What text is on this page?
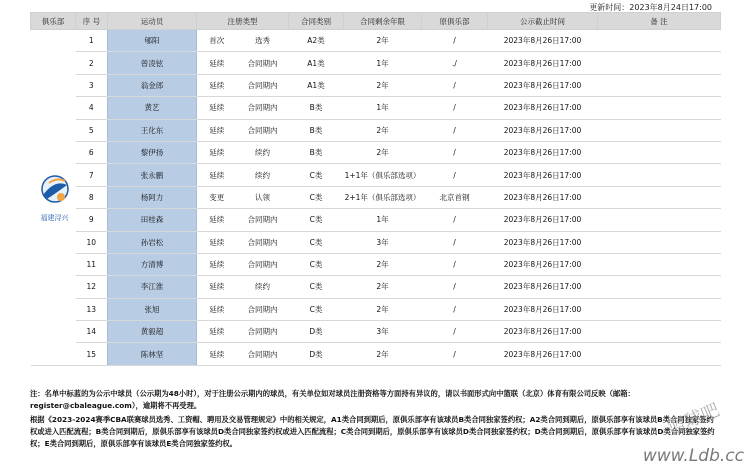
更新时间：2023年8月24日17:00
俱乐部	序 号	运动员	注册类型		合同类别	合同剩余年限	原俱乐部	公示截止时间	备 注

福建浔兴	1	郇阳	首次	选秀	A2类	2年	/	2023年8月26日17:00	
	2	曾凌铉	延续	合同期内	A1类	1年	./	2023年8月26日17:00	
	3	翁金郎	延续	合同期内	A1类	2年	/	2023年8月26日17:00	
	4	黄艺	延续	合同期内	B类	1年	/	2023年8月26日17:00	
	5	王化东	延续	合同期内	B类	2年	/	2023年8月26日17:00	
	6	黎伊扬	延续	续约	B类	2年	/	2023年8月26日17:00	
	7	张永鹏	延续	续约	C类	1+1年（俱乐部选项）	/	2023年8月26日17:00	
	8	杨阿力	变更	认领	C类	2+1年（俱乐部选项）	北京首钢	2023年8月26日17:00	
	9	田桂森	延续	合同期内	C类	1年	/	2023年8月26日17:00	
	10	孙岩松	延续	合同期内	C类	3年	/	2023年8月26日17:00	
	11	方清博	延续	合同期内	C类	2年	/	2023年8月26日17:00	
	12	李江淮	延续	续约	C类	2年	/	2023年8月26日17:00	
	13	张旭	延续	合同期内	C类	2年	/	2023年8月26日17:00	
	14	黄毅超	延续	合同期内	D类	3年	/	2023年8月26日17:00	
	15	陈林坚	延续	合同期内	D类	2年	/	2023年8月26日17:00	
注：名单中标蓝的为公示中球员（公示期为48小时），对于注册公示期内的球员，有关单位如对球员注册资格等方面持有异议的，请以书面形式向中篮联（北京）体育有限公司反映（邮箱：register@cbaleague.com），逾期将不再受理。
根据《2023-2024赛季CBA联赛球员选秀、工资帽、聘用及交易管理规定》中的相关规定，A1类合同到期后，原俱乐部享有该球员B类合同独家签约权；A2类合同到期后，原俱乐部享有该球员B类合同独家签约权或进入匹配流程；B类合同到期后，原俱乐部享有该球员D类合同独家签约权或进入匹配流程；C类合同到期后，原俱乐部享有该球员D类合同独家签约权；D类合同到期后，原俱乐部享有该球员D类合同独家签约权；E类合同到期后，原俱乐部享有该球员E类合同独家签约权。
篮球吧
www.Ldb.cc
